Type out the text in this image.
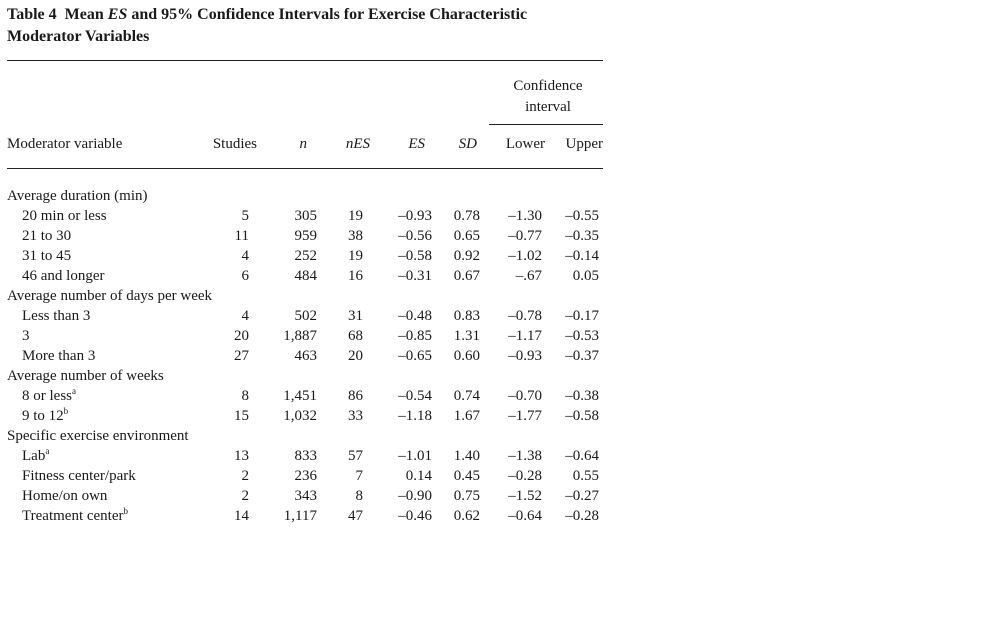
Table 4 Mean ES and 95% Confidence Intervals for Exercise Characteristic
Moderator Variables

Confidence interval
Moderator variable	Studies	n	nES	ES SD Lower Upper
Average duration (min)
20 min or less	5	305 19 –0.93 0.78 –1.30 –0.55
21 to 30	11	959 38 –0.56 0.65 –0.77 –0.35
31 to 45	4	252 19 –0.58 0.92 –1.02 –0.14
46 and longer	6	484 16 –0.31 0.67 –.67 0.05
Average number of days per week
Less than 3	4	502 31 –0.48 0.83 –0.78 –0.17
3	20 1,887 68 –0.85 1.31 –1.17 –0.53
More than 3	27	463 20 –0.65 0.60 –0.93 –0.37
Average number of weeks
8 or less$^a$	8 1,451 86 –0.54 0.74 –0.70 –0.38
9 to 12$^b$	15 1,032 33 –1.18 1.67 –1.77 –0.58
Specific exercise environment
Lab$^a$	13	833 57 –1.01 1.40 –1.38 –0.64
Fitness center/park	2	236	7	0.14 0.45 –0.28 0.55
Home/on own	2	343	8 –0.90 0.75 –1.52 –0.27
Treatment center$^b$	14 1,117 47 –0.46 0.62 –0.64 –0.28
